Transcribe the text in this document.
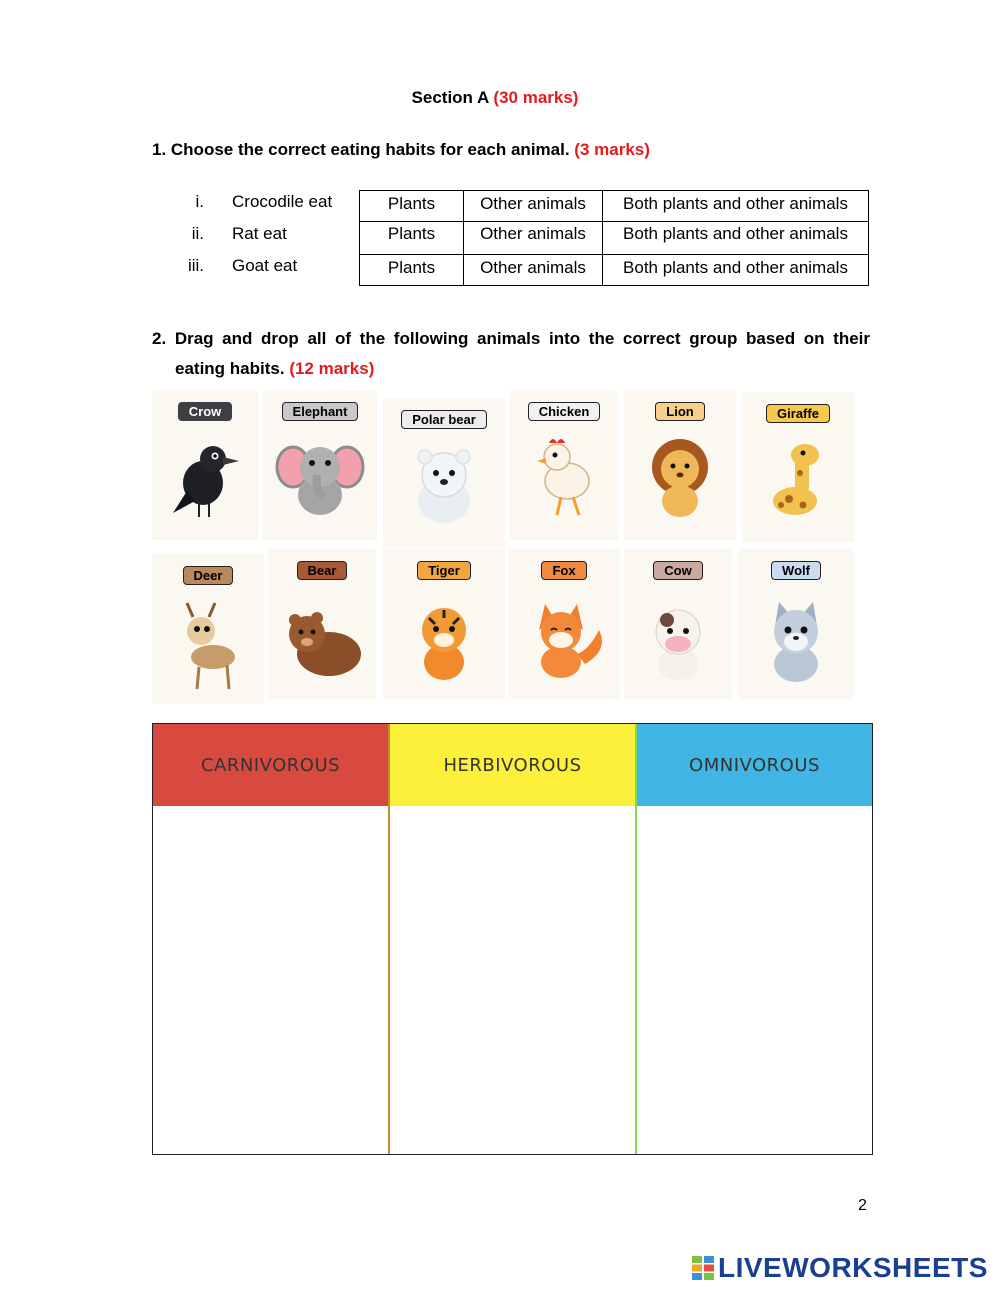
Section A (30 marks)
1. Choose the correct eating habits for each animal. (3 marks)
i. Crocodile eat	Plants	Other animals	Both plants and other animals
ii. Rat eat	Plants	Other animals	Both plants and other animals
iii. Goat eat	Plants	Other animals	Both plants and other animals
2. Drag and drop all of the following animals into the correct group based on their
eating habits. (12 marks)
Crow	Elephant
Polar bear
Chicken	Lion	Giraffe
Deer	Bear	Tiger	Fox	Cow	Wolf
CARNIVOROUS	HERBIVOROUS	OMNIVOROUS
2
LIVEWORKSHEETS
